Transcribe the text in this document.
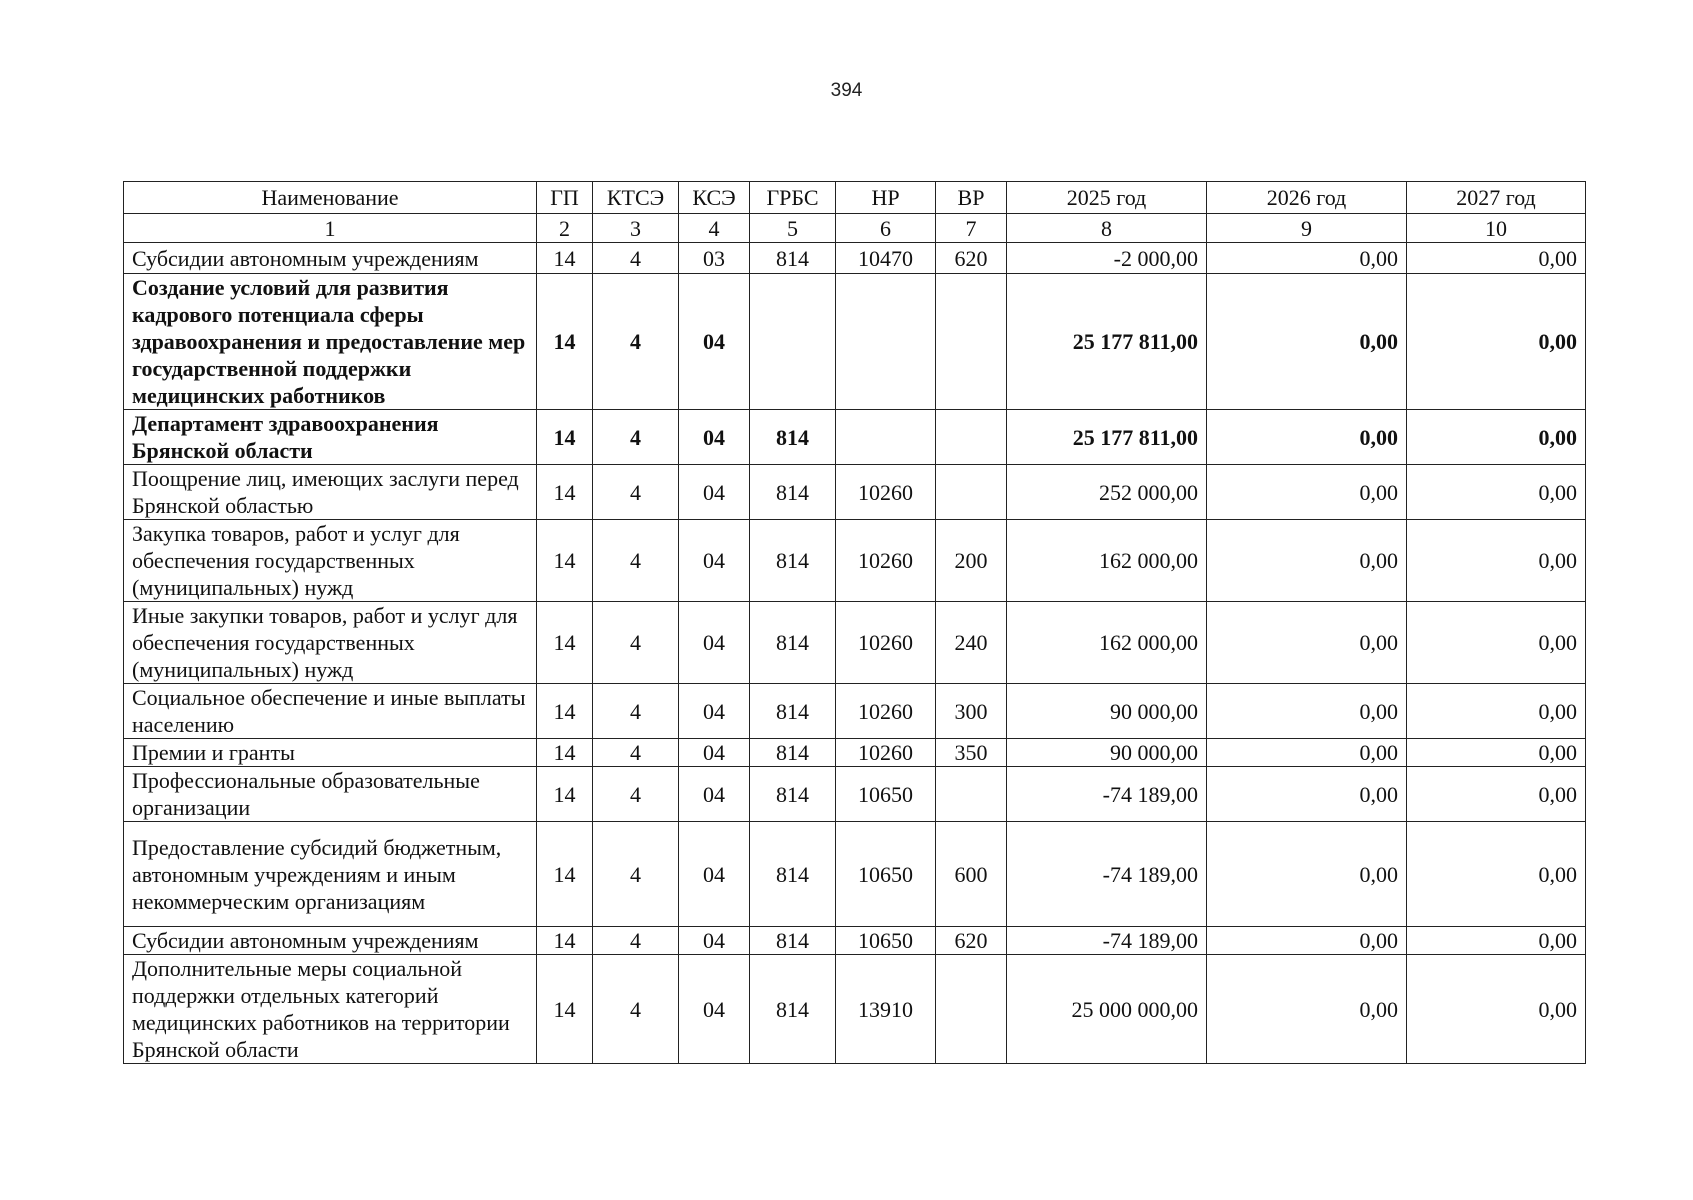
394
Наименование	ГП	КТСЭ	КСЭ	ГРБС	НР	ВР	2025 год	2026 год	2027 год
1	2	3	4	5	6	7	8	9	10
Субсидии автономным учреждениям	14	4	03	814	10470	620	-2 000,00	0,00	0,00
Создание условий для развития кадрового потенциала сферы здравоохранения и предоставление мер государственной поддержки медицинских работников	14	4	04				25 177 811,00	0,00	0,00
Департамент здравоохранения Брянской области	14	4	04	814			25 177 811,00	0,00	0,00
Поощрение лиц, имеющих заслуги перед Брянской областью	14	4	04	814	10260		252 000,00	0,00	0,00
Закупка товаров, работ и услуг для обеспечения государственных (муниципальных) нужд	14	4	04	814	10260	200	162 000,00	0,00	0,00
Иные закупки товаров, работ и услуг для обеспечения государственных (муниципальных) нужд	14	4	04	814	10260	240	162 000,00	0,00	0,00
Социальное обеспечение и иные выплаты населению	14	4	04	814	10260	300	90 000,00	0,00	0,00
Премии и гранты	14	4	04	814	10260	350	90 000,00	0,00	0,00
Профессиональные образовательные организации	14	4	04	814	10650		-74 189,00	0,00	0,00
Предоставление субсидий бюджетным, автономным учреждениям и иным некоммерческим организациям	14	4	04	814	10650	600	-74 189,00	0,00	0,00
Субсидии автономным учреждениям	14	4	04	814	10650	620	-74 189,00	0,00	0,00
Дополнительные меры социальной поддержки отдельных категорий медицинских работников на территории Брянской области	14	4	04	814	13910		25 000 000,00	0,00	0,00
